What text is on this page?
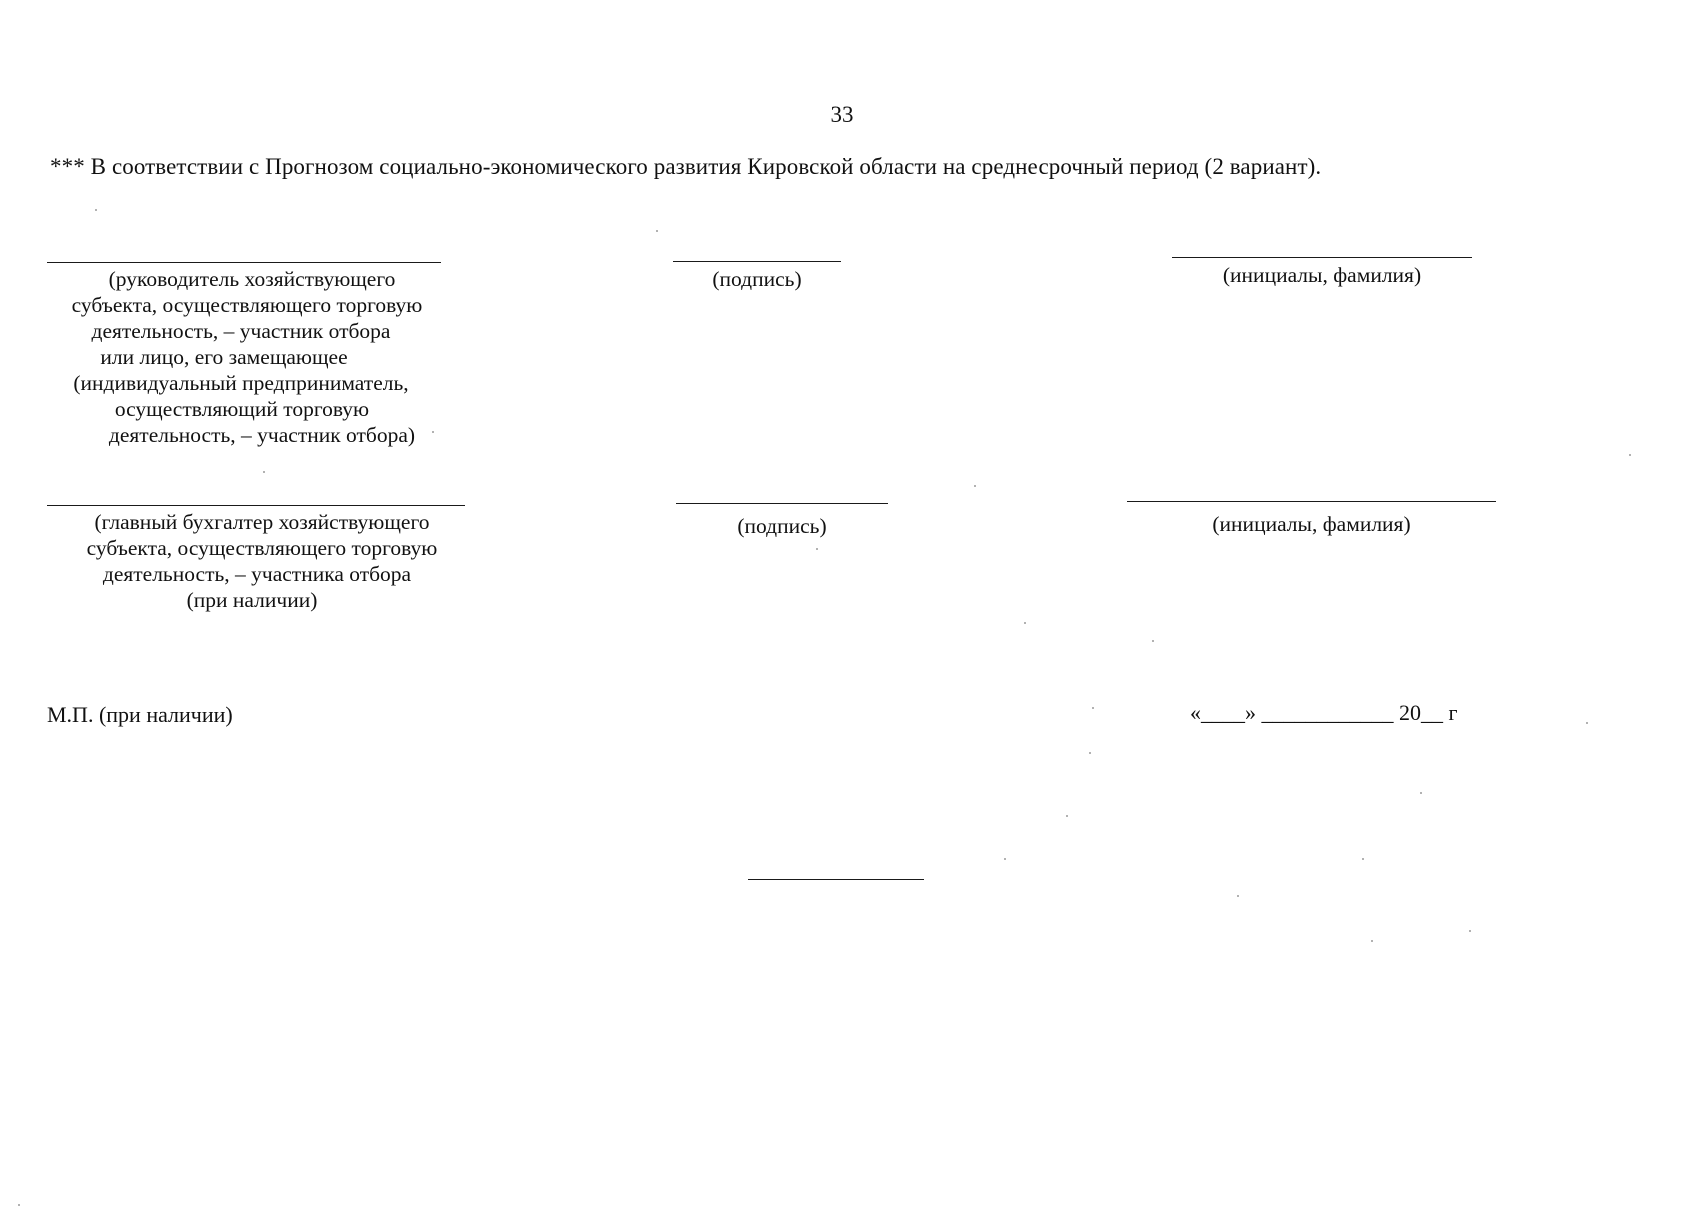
33
*** В соответствии с Прогнозом социально-экономического развития Кировской области на среднесрочный период (2 вариант).
(руководитель хозяйствующего
субъекта, осуществляющего торговую
деятельность, – участник отбора
или лицо, его замещающее
(индивидуальный предприниматель,
осуществляющий торговую
деятельность, – участник отбора)
(подпись)	(инициалы, фамилия)
(главный бухгалтер хозяйствующего
субъекта, осуществляющего торговую
деятельность, – участника отбора
(при наличии)
(подпись)	(инициалы, фамилия)
М.П. (при наличии)	«____» ____________ 20__ г
